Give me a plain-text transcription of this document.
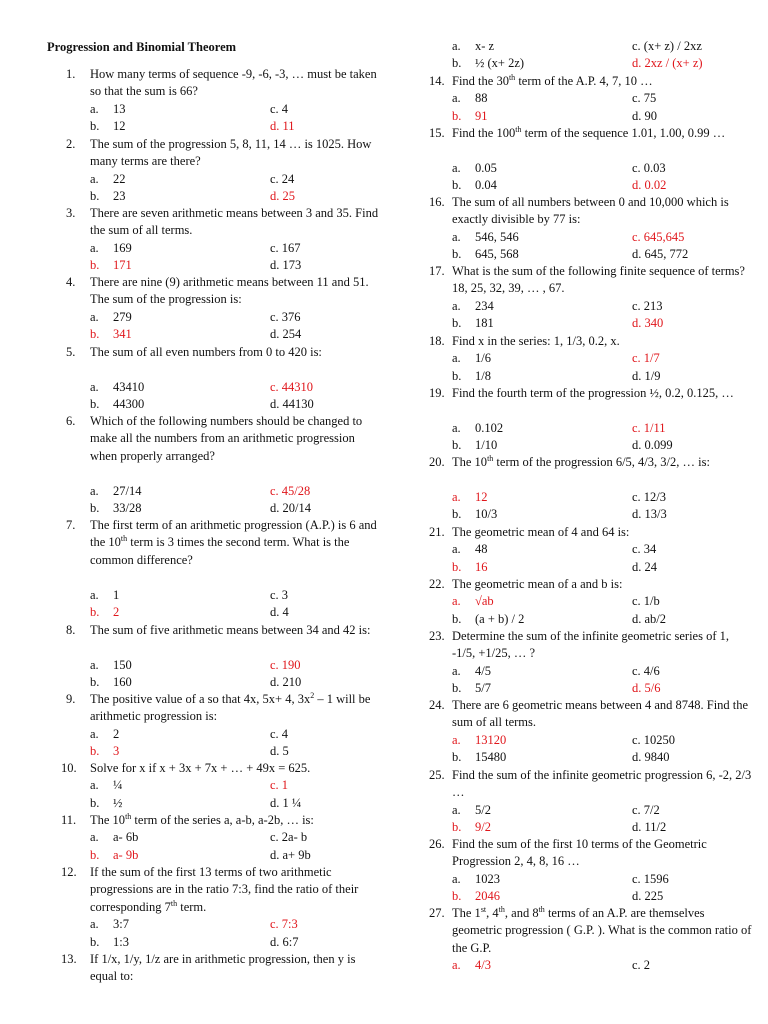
Progression and Binomial Theorem
1. How many terms of sequence -9, -6, -3, … must be taken so that the sum is 66?
a. 13	c. 4
b. 12	d. 11
2. The sum of the progression 5, 8, 11, 14 … is 1025. How many terms are there?
a. 22	c. 24
b. 23	d. 25
3. There are seven arithmetic means between 3 and 35. Find the sum of all terms.
a. 169	c. 167
b. 171	d. 173
4. There are nine (9) arithmetic means between 11 and 51. The sum of the progression is:
a. 279	c. 376
b. 341	d. 254
5. The sum of all even numbers from 0 to 420 is:
a. 43410	c. 44310
b. 44300	d. 44130
6. Which of the following numbers should be changed to make all the numbers from an arithmetic progression when properly arranged?
a. 27/14	c. 45/28
b. 33/28	d. 20/14
7. The first term of an arithmetic progression (A.P.) is 6 and the 10th term is 3 times the second term. What is the common difference?
a. 1	c. 3
b. 2	d. 4
8. The sum of five arithmetic means between 34 and 42 is:
a. 150	c. 190
b. 160	d. 210
9. The positive value of a so that 4x, 5x+ 4, $3x^2 - 1$ will be arithmetic progression is:
a. 2	c. 4
b. 3	d. 5
10. Solve for x if x + 3x + 7x + … + 49x = 625.
a. ¼	c. 1
b. ½	d. 1 ¼
11. The 10th term of the series a, a-b, a-2b, … is:
a. a- 6b	c. 2a- b
b. a- 9b	d. a+ 9b
12. If the sum of the first 13 terms of two arithmetic progressions are in the ratio 7:3, find the ratio of their corresponding 7th term.
a. 3:7	c. 7:3
b. 1:3	d. 6:7
13. If 1/x, 1/y, 1/z are in arithmetic progression, then y is equal to:
a. x- z	c. (x+ z) / 2xz
b. ½ (x+ 2z)	d. 2xz / (x+ z)
14. Find the 30th term of the A.P. 4, 7, 10 …
a. 88	c. 75
b. 91	d. 90
15. Find the 100th term of the sequence 1.01, 1.00, 0.99 …
a. 0.05	c. 0.03
b. 0.04	d. 0.02
16. The sum of all numbers between 0 and 10,000 which is exactly divisible by 77 is:
a. 546, 546	c. 645,645
b. 645, 568	d. 645, 772
17. What is the sum of the following finite sequence of terms? 18, 25, 32, 39, … , 67.
a. 234	c. 213
b. 181	d. 340
18. Find x in the series: 1, 1/3, 0.2, x.
a. 1/6	c. 1/7
b. 1/8	d. 1/9
19. Find the fourth term of the progression ½, 0.2, 0.125, …
a. 0.102	c. 1/11
b. 1/10	d. 0.099
20. The 10th term of the progression 6/5, 4/3, 3/2, … is:
a. 12	c. 12/3
b. 10/3	d. 13/3
21. The geometric mean of 4 and 64 is:
a. 48	c. 34
b. 16	d. 24
22. The geometric mean of a and b is:
a. √ab	c. 1/b
b. (a + b) / 2	d. ab/2
23. Determine the sum of the infinite geometric series of 1, -1/5, +1/25, … ?
a. 4/5	c. 4/6
b. 5/7	d. 5/6
24. There are 6 geometric means between 4 and 8748. Find the sum of all terms.
a. 13120	c. 10250
b. 15480	d. 9840
25. Find the sum of the infinite geometric progression 6, -2, 2/3 …
a. 5/2	c. 7/2
b. 9/2	d. 11/2
26. Find the sum of the first 10 terms of the Geometric Progression 2, 4, 8, 16 …
a. 1023	c. 1596
b. 2046	d. 225
27. The 1st, 4th, and 8th terms of an A.P. are themselves geometric progression ( G.P. ). What is the common ratio of the G.P.
a. 4/3	c. 2
